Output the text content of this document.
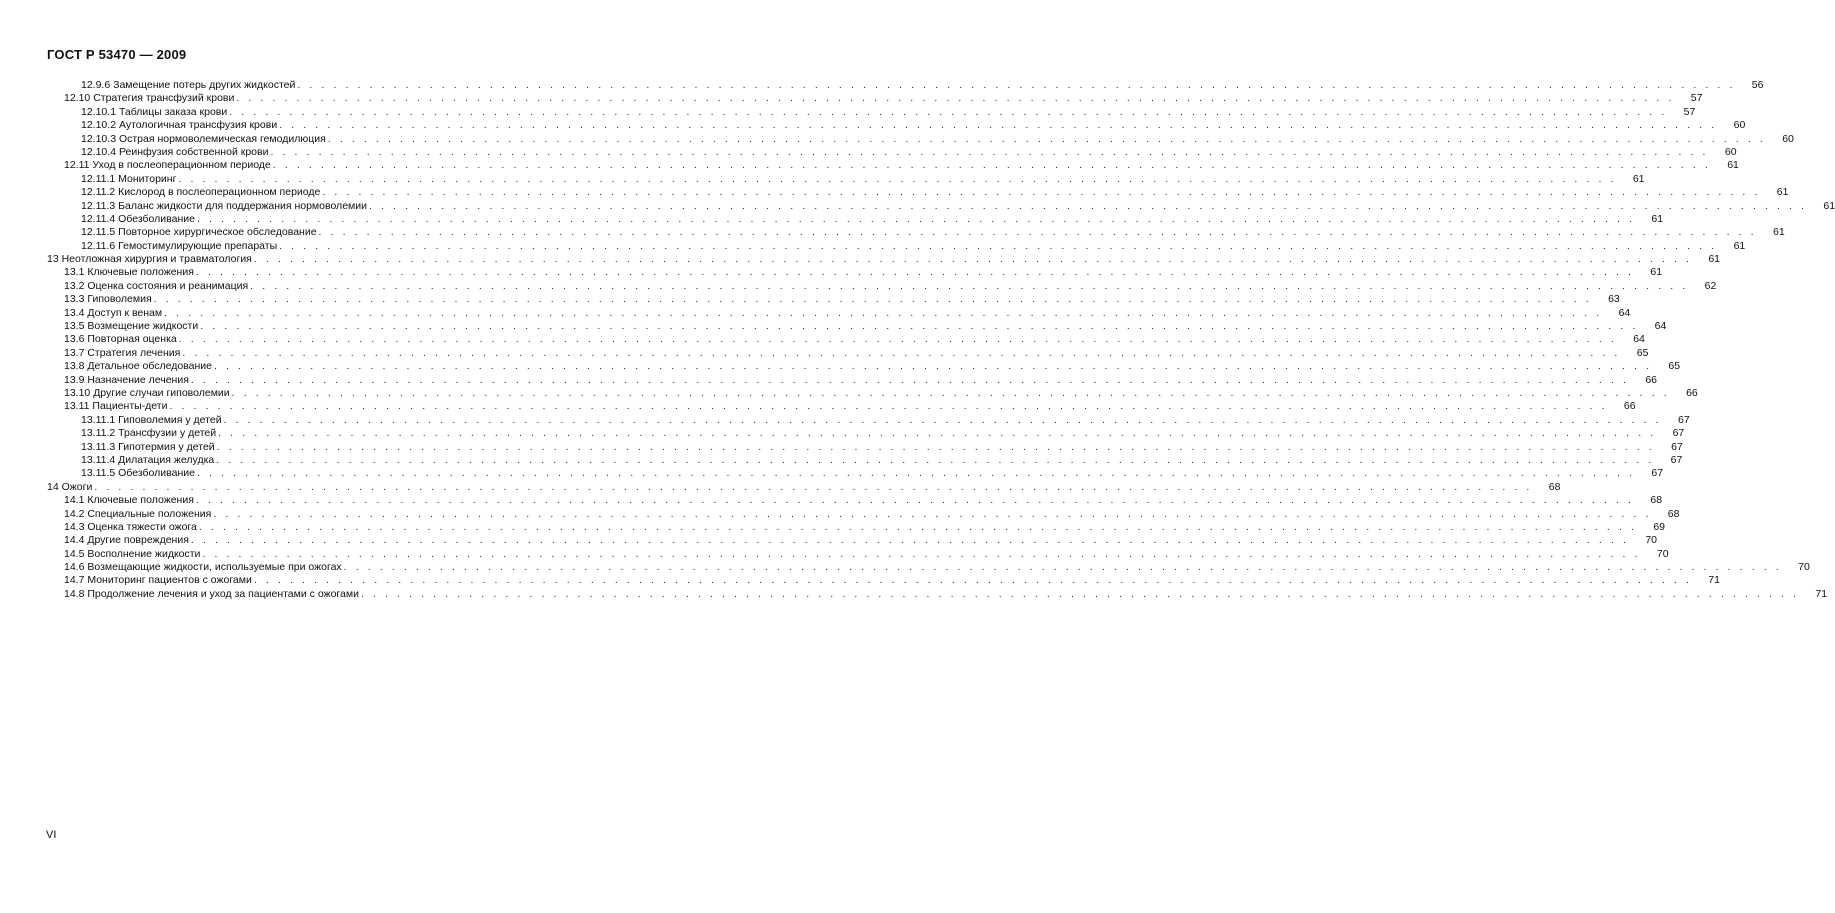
ГОСТ Р 53470 — 2009
12.9.6 Замещение потерь других жидкостей . . . . . . . . . . . . . . . . . . . . . . . . . . . . . . . . . . . . . . . . . . . . . . . . . . . . . . . . . . . . . . . . . . . . . . . . . . . . . . . . . . . . . . . . . . . . . . . . . . . . . . . . . . . . . . . . . . . . . . . . 56
12.10 Стратегия трансфузий крови . . . . . . . . . . . . . . . . . . . . . . . . . . . . . . . . . . . . . . . . . . . . . . . . . . . . . . . . . . . . . . . . . . . . . . . . . . . . . . . . . . . . . . . . . . . . . . . . . . . . . . . . . . . . . . . . . . . . . . . . 57
12.10.1 Таблицы заказа крови . . . . . . . . . . . . . . . . . . . . . . . . . . . . . . . . . . . . . . . . . . . . . . . . . . . . . . . . . . . . . . . . . . . . . . . . . . . . . . . . . . . . . . . . . . . . . . . . . . . . . . . . . . . . . . . . . . . . . . . . 57
12.10.2 Аутологичная трансфузия крови . . . . . . . . . . . . . . . . . . . . . . . . . . . . . . . . . . . . . . . . . . . . . . . . . . . . . . . . . . . . . . . . . . . . . . . . . . . . . . . . . . . . . . . . . . . . . . . . . . . . . . . . . . . . . . . . . . . . . . . . 60
12.10.3 Острая нормоволемическая гемодилюция . . . . . . . . . . . . . . . . . . . . . . . . . . . . . . . . . . . . . . . . . . . . . . . . . . . . . . . . . . . . . . . . . . . . . . . . . . . . . . . . . . . . . . . . . . . . . . . . . . . . . . . . . . . . . . . . . . . . . . . . 60
12.10.4 Реинфузия собственной крови . . . . . . . . . . . . . . . . . . . . . . . . . . . . . . . . . . . . . . . . . . . . . . . . . . . . . . . . . . . . . . . . . . . . . . . . . . . . . . . . . . . . . . . . . . . . . . . . . . . . . . . . . . . . . . . . . . . . . . . . 60
12.11 Уход в послеоперационном периоде . . . . . . . . . . . . . . . . . . . . . . . . . . . . . . . . . . . . . . . . . . . . . . . . . . . . . . . . . . . . . . . . . . . . . . . . . . . . . . . . . . . . . . . . . . . . . . . . . . . . . . . . . . . . . . . . . . . . . . . . 61
12.11.1 Мониторинг . . . . . . . . . . . . . . . . . . . . . . . . . . . . . . . . . . . . . . . . . . . . . . . . . . . . . . . . . . . . . . . . . . . . . . . . . . . . . . . . . . . . . . . . . . . . . . . . . . . . . . . . . . . . . . . . . . . . . . . . 61
12.11.2 Кислород в послеоперационном периоде . . . . . . . . . . . . . . . . . . . . . . . . . . . . . . . . . . . . . . . . . . . . . . . . . . . . . . . . . . . . . . . . . . . . . . . . . . . . . . . . . . . . . . . . . . . . . . . . . . . . . . . . . . . . . . . . . . . . . . . . 61
12.11.3 Баланс жидкости для поддержания нормоволемии . . . . . . . . . . . . . . . . . . . . . . . . . . . . . . . . . . . . . . . . . . . . . . . . . . . . . . . . . . . . . . . . . . . . . . . . . . . . . . . . . . . . . . . . . . . . . . . . . . . . . . . . . . . . . . . . . . . . . . . . 61
12.11.4 Обезболивание . . . . . . . . . . . . . . . . . . . . . . . . . . . . . . . . . . . . . . . . . . . . . . . . . . . . . . . . . . . . . . . . . . . . . . . . . . . . . . . . . . . . . . . . . . . . . . . . . . . . . . . . . . . . . . . . . . . . . . . . 61
12.11.5 Повторное хирургическое обследование . . . . . . . . . . . . . . . . . . . . . . . . . . . . . . . . . . . . . . . . . . . . . . . . . . . . . . . . . . . . . . . . . . . . . . . . . . . . . . . . . . . . . . . . . . . . . . . . . . . . . . . . . . . . . . . . . . . . . . . . 61
12.11.6 Гемостимулирующие препараты . . . . . . . . . . . . . . . . . . . . . . . . . . . . . . . . . . . . . . . . . . . . . . . . . . . . . . . . . . . . . . . . . . . . . . . . . . . . . . . . . . . . . . . . . . . . . . . . . . . . . . . . . . . . . . . . . . . . . . . . 61
13 Неотложная хирургия и травматология . . . . . . . . . . . . . . . . . . . . . . . . . . . . . . . . . . . . . . . . . . . . . . . . . . . . . . . . . . . . . . . . . . . . . . . . . . . . . . . . . . . . . . . . . . . . . . . . . . . . . . . . . . . . . . . . . . . . . . . . 61
13.1 Ключевые положения . . . . . . . . . . . . . . . . . . . . . . . . . . . . . . . . . . . . . . . . . . . . . . . . . . . . . . . . . . . . . . . . . . . . . . . . . . . . . . . . . . . . . . . . . . . . . . . . . . . . . . . . . . . . . . . . . . . . . . . . 61
13.2 Оценка состояния и реанимация . . . . . . . . . . . . . . . . . . . . . . . . . . . . . . . . . . . . . . . . . . . . . . . . . . . . . . . . . . . . . . . . . . . . . . . . . . . . . . . . . . . . . . . . . . . . . . . . . . . . . . . . . . . . . . . . . . . . . . . . 62
13.3 Гиповолемия . . . . . . . . . . . . . . . . . . . . . . . . . . . . . . . . . . . . . . . . . . . . . . . . . . . . . . . . . . . . . . . . . . . . . . . . . . . . . . . . . . . . . . . . . . . . . . . . . . . . . . . . . . . . . . . . . . . . . . . . 63
13.4 Доступ к венам . . . . . . . . . . . . . . . . . . . . . . . . . . . . . . . . . . . . . . . . . . . . . . . . . . . . . . . . . . . . . . . . . . . . . . . . . . . . . . . . . . . . . . . . . . . . . . . . . . . . . . . . . . . . . . . . . . . . . . . . 64
13.5 Возмещение жидкости . . . . . . . . . . . . . . . . . . . . . . . . . . . . . . . . . . . . . . . . . . . . . . . . . . . . . . . . . . . . . . . . . . . . . . . . . . . . . . . . . . . . . . . . . . . . . . . . . . . . . . . . . . . . . . . . . . . . . . . . 64
13.6 Повторная оценка . . . . . . . . . . . . . . . . . . . . . . . . . . . . . . . . . . . . . . . . . . . . . . . . . . . . . . . . . . . . . . . . . . . . . . . . . . . . . . . . . . . . . . . . . . . . . . . . . . . . . . . . . . . . . . . . . . . . . . . . 64
13.7 Стратегия лечения . . . . . . . . . . . . . . . . . . . . . . . . . . . . . . . . . . . . . . . . . . . . . . . . . . . . . . . . . . . . . . . . . . . . . . . . . . . . . . . . . . . . . . . . . . . . . . . . . . . . . . . . . . . . . . . . . . . . . . . . 65
13.8 Детальное обследование . . . . . . . . . . . . . . . . . . . . . . . . . . . . . . . . . . . . . . . . . . . . . . . . . . . . . . . . . . . . . . . . . . . . . . . . . . . . . . . . . . . . . . . . . . . . . . . . . . . . . . . . . . . . . . . . . . . . . . . . 65
13.9 Назначение лечения . . . . . . . . . . . . . . . . . . . . . . . . . . . . . . . . . . . . . . . . . . . . . . . . . . . . . . . . . . . . . . . . . . . . . . . . . . . . . . . . . . . . . . . . . . . . . . . . . . . . . . . . . . . . . . . . . . . . . . . . 66
13.10 Другие случаи гиповолемии . . . . . . . . . . . . . . . . . . . . . . . . . . . . . . . . . . . . . . . . . . . . . . . . . . . . . . . . . . . . . . . . . . . . . . . . . . . . . . . . . . . . . . . . . . . . . . . . . . . . . . . . . . . . . . . . . . . . . . . . 66
13.11 Пациенты-дети . . . . . . . . . . . . . . . . . . . . . . . . . . . . . . . . . . . . . . . . . . . . . . . . . . . . . . . . . . . . . . . . . . . . . . . . . . . . . . . . . . . . . . . . . . . . . . . . . . . . . . . . . . . . . . . . . . . . . . . . 66
13.11.1 Гиповолемия у детей . . . . . . . . . . . . . . . . . . . . . . . . . . . . . . . . . . . . . . . . . . . . . . . . . . . . . . . . . . . . . . . . . . . . . . . . . . . . . . . . . . . . . . . . . . . . . . . . . . . . . . . . . . . . . . . . . . . . . . . . 67
13.11.2 Трансфузии у детей . . . . . . . . . . . . . . . . . . . . . . . . . . . . . . . . . . . . . . . . . . . . . . . . . . . . . . . . . . . . . . . . . . . . . . . . . . . . . . . . . . . . . . . . . . . . . . . . . . . . . . . . . . . . . . . . . . . . . . . . 67
13.11.3 Гипотермия у детей . . . . . . . . . . . . . . . . . . . . . . . . . . . . . . . . . . . . . . . . . . . . . . . . . . . . . . . . . . . . . . . . . . . . . . . . . . . . . . . . . . . . . . . . . . . . . . . . . . . . . . . . . . . . . . . . . . . . . . . . 67
13.11.4 Дилатация желудка . . . . . . . . . . . . . . . . . . . . . . . . . . . . . . . . . . . . . . . . . . . . . . . . . . . . . . . . . . . . . . . . . . . . . . . . . . . . . . . . . . . . . . . . . . . . . . . . . . . . . . . . . . . . . . . . . . . . . . . . 67
13.11.5 Обезболивание . . . . . . . . . . . . . . . . . . . . . . . . . . . . . . . . . . . . . . . . . . . . . . . . . . . . . . . . . . . . . . . . . . . . . . . . . . . . . . . . . . . . . . . . . . . . . . . . . . . . . . . . . . . . . . . . . . . . . . . . 67
14 Ожоги . . . . . . . . . . . . . . . . . . . . . . . . . . . . . . . . . . . . . . . . . . . . . . . . . . . . . . . . . . . . . . . . . . . . . . . . . . . . . . . . . . . . . . . . . . . . . . . . . . . . . . . . . . . . . . . . . . . . . . . . 68
14.1 Ключевые положения . . . . . . . . . . . . . . . . . . . . . . . . . . . . . . . . . . . . . . . . . . . . . . . . . . . . . . . . . . . . . . . . . . . . . . . . . . . . . . . . . . . . . . . . . . . . . . . . . . . . . . . . . . . . . . . . . . . . . . . . 68
14.2 Специальные положения . . . . . . . . . . . . . . . . . . . . . . . . . . . . . . . . . . . . . . . . . . . . . . . . . . . . . . . . . . . . . . . . . . . . . . . . . . . . . . . . . . . . . . . . . . . . . . . . . . . . . . . . . . . . . . . . . . . . . . . . 68
14.3 Оценка тяжести ожога . . . . . . . . . . . . . . . . . . . . . . . . . . . . . . . . . . . . . . . . . . . . . . . . . . . . . . . . . . . . . . . . . . . . . . . . . . . . . . . . . . . . . . . . . . . . . . . . . . . . . . . . . . . . . . . . . . . . . . . . 69
14.4 Другие повреждения . . . . . . . . . . . . . . . . . . . . . . . . . . . . . . . . . . . . . . . . . . . . . . . . . . . . . . . . . . . . . . . . . . . . . . . . . . . . . . . . . . . . . . . . . . . . . . . . . . . . . . . . . . . . . . . . . . . . . . . . 70
14.5 Восполнение жидкости . . . . . . . . . . . . . . . . . . . . . . . . . . . . . . . . . . . . . . . . . . . . . . . . . . . . . . . . . . . . . . . . . . . . . . . . . . . . . . . . . . . . . . . . . . . . . . . . . . . . . . . . . . . . . . . . . . . . . . . . 70
14.6 Возмещающие жидкости, используемые при ожогах . . . . . . . . . . . . . . . . . . . . . . . . . . . . . . . . . . . . . . . . . . . . . . . . . . . . . . . . . . . . . . . . . . . . . . . . . . . . . . . . . . . . . . . . . . . . . . . . . . . . . . . . . . . . . . . . . . . . . . . . 70
14.7 Мониторинг пациентов с ожогами . . . . . . . . . . . . . . . . . . . . . . . . . . . . . . . . . . . . . . . . . . . . . . . . . . . . . . . . . . . . . . . . . . . . . . . . . . . . . . . . . . . . . . . . . . . . . . . . . . . . . . . . . . . . . . . . . . . . . . . . 71
14.8 Продолжение лечения и уход за пациентами с ожогами . . . . . . . . . . . . . . . . . . . . . . . . . . . . . . . . . . . . . . . . . . . . . . . . . . . . . . . . . . . . . . . . . . . . . . . . . . . . . . . . . . . . . . . . . . . . . . . . . . . . . . . . . . . . . . . . . . . . . . . . 71
VI
